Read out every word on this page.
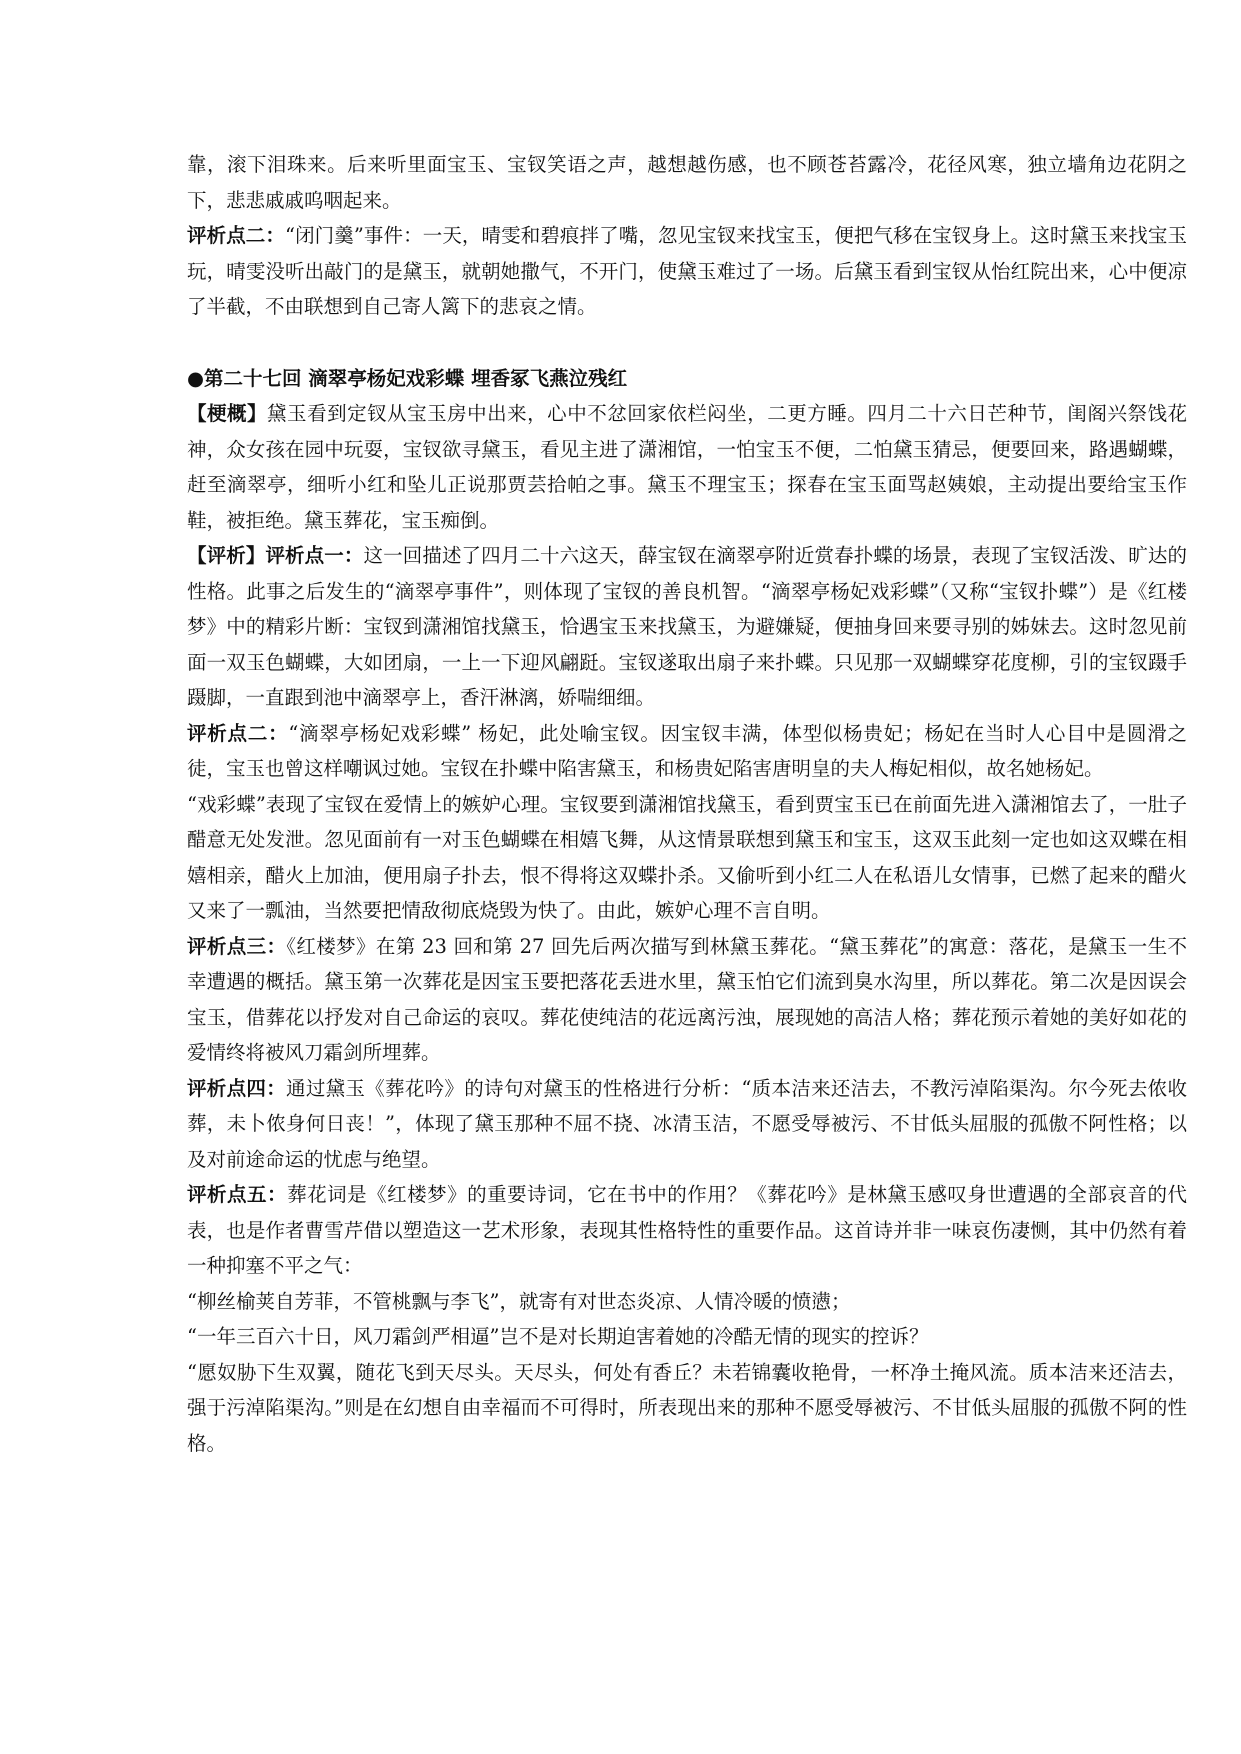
靠，滚下泪珠来。后来听里面宝玉、宝钗笑语之声，越想越伤感，也不顾苍苔露冷，花径风寒，独立墙角边花阴之下，悲悲戚戚呜咽起来。

评析点二：“闭门羹”事件：一天，晴雯和碧痕拌了嘴，忽见宝钗来找宝玉，便把气移在宝钗身上。这时黛玉来找宝玉玩，晴雯没听出敲门的是黛玉，就朝她撒气，不开门，使黛玉难过了一场。后黛玉看到宝钗从怡红院出来，心中便凉了半截，不由联想到自己寄人篱下的悲哀之情。

●第二十七回 滴翠亭杨妃戏彩蝶 埋香冢飞燕泣残红

【梗概】黛玉看到定钗从宝玉房中出来，心中不忿回家依栏闷坐，二更方睡。四月二十六日芒种节，闺阁兴祭饯花神，众女孩在园中玩耍，宝钗欲寻黛玉，看见主进了潇湘馆，一怕宝玉不便，二怕黛玉猜忌，便要回来，路遇蝴蝶，赶至滴翠亭，细听小红和坠儿正说那贾芸拾帕之事。黛玉不理宝玉；探春在宝玉面骂赵姨娘，主动提出要给宝玉作鞋，被拒绝。黛玉葬花，宝玉痴倒。

【评析】评析点一：这一回描述了四月二十六这天，薛宝钗在滴翠亭附近赏春扑蝶的场景，表现了宝钗活泼、旷达的性格。此事之后发生的“滴翠亭事件”，则体现了宝钗的善良机智。“滴翠亭杨妃戏彩蝶”（又称“宝钗扑蝶”）是《红楼梦》中的精彩片断：宝钗到潇湘馆找黛玉，恰遇宝玉来找黛玉，为避嫌疑，便抽身回来要寻别的姊妹去。这时忽见前面一双玉色蝴蝶，大如团扇，一上一下迎风翩跹。宝钗遂取出扇子来扑蝶。只见那一双蝴蝶穿花度柳，引的宝钗蹑手蹑脚，一直跟到池中滴翠亭上，香汗淋漓，娇喘细细。

评析点二：“滴翠亭杨妃戏彩蝶” 杨妃，此处喻宝钗。因宝钗丰满，体型似杨贵妃；杨妃在当时人心目中是圆滑之徒，宝玉也曾这样嘲讽过她。宝钗在扑蝶中陷害黛玉，和杨贵妃陷害唐明皇的夫人梅妃相似，故名她杨妃。

“戏彩蝶”表现了宝钗在爱情上的嫉妒心理。宝钗要到潇湘馆找黛玉，看到贾宝玉已在前面先进入潇湘馆去了，一肚子醋意无处发泄。忽见面前有一对玉色蝴蝶在相嬉飞舞，从这情景联想到黛玉和宝玉，这双玉此刻一定也如这双蝶在相嬉相亲，醋火上加油，便用扇子扑去，恨不得将这双蝶扑杀。又偷听到小红二人在私语儿女情事，已燃了起来的醋火又来了一瓢油，当然要把情敌彻底烧毁为快了。由此，嫉妒心理不言自明。

评析点三：《红楼梦》在第 23 回和第 27 回先后两次描写到林黛玉葬花。“黛玉葬花”的寓意：落花，是黛玉一生不幸遭遇的概括。黛玉第一次葬花是因宝玉要把落花丢进水里，黛玉怕它们流到臭水沟里，所以葬花。第二次是因误会宝玉，借葬花以抒发对自己命运的哀叹。葬花使纯洁的花远离污浊，展现她的高洁人格；葬花预示着她的美好如花的爱情终将被风刀霜剑所埋葬。

评析点四：通过黛玉《葬花吟》的诗句对黛玉的性格进行分析：“质本洁来还洁去，不教污淖陷渠沟。尔今死去侬收葬，未卜侬身何日丧！”，体现了黛玉那种不屈不挠、冰清玉洁，不愿受辱被污、不甘低头屈服的孤傲不阿性格；以及对前途命运的忧虑与绝望。

评析点五：葬花词是《红楼梦》的重要诗词，它在书中的作用？《葬花吟》是林黛玉感叹身世遭遇的全部哀音的代表，也是作者曹雪芹借以塑造这一艺术形象，表现其性格特性的重要作品。这首诗并非一味哀伤凄恻，其中仍然有着一种抑塞不平之气：

“柳丝榆荚自芳菲，不管桃飘与李飞”，就寄有对世态炎凉、人情冷暖的愤懑；

“一年三百六十日，风刀霜剑严相逼”岂不是对长期迫害着她的冷酷无情的现实的控诉？

“愿奴胁下生双翼，随花飞到天尽头。天尽头，何处有香丘？未若锦囊收艳骨，一杯净土掩风流。质本洁来还洁去，强于污淖陷渠沟。”则是在幻想自由幸福而不可得时，所表现出来的那种不愿受辱被污、不甘低头屈服的孤傲不阿的性格。
